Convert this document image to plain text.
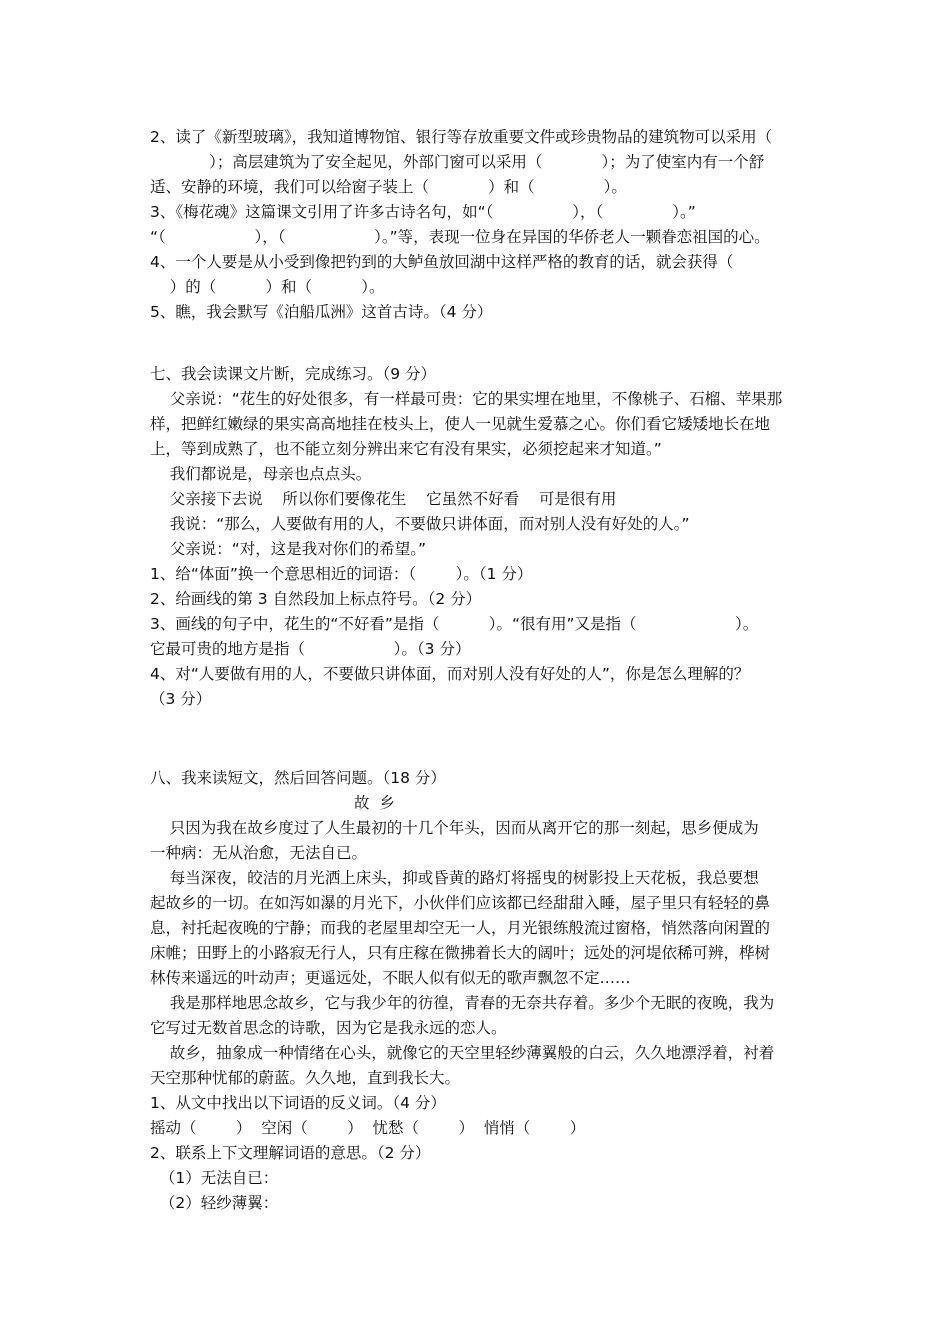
2、读了《新型玻璃》，我知道博物馆、银行等存放重要文件或珍贵物品的建筑物可以采用（
）；高层建筑为了安全起见，外部门窗可以采用（            ）；为了使室内有一个舒
适、安静的环境，我们可以给窗子装上（            ）和（              ）。
3、《梅花魂》这篇课文引用了许多古诗名句，如“（                ），（              ）。”
“（                  ），（                  ）。”等，表现一位身在异国的华侨老人一颗眷恋祖国的心。
4、一个人要是从小受到像把钓到的大鲈鱼放回湖中这样严格的教育的话，就会获得（
）的（          ）和（          ）。
5、瞧，我会默写《泊船瓜洲》这首古诗。（4 分）
七、我会读课文片断，完成练习。（9 分）
父亲说：“花生的好处很多，有一样最可贵：它的果实埋在地里，不像桃子、石榴、苹果那
样，把鲜红嫩绿的果实高高地挂在枝头上，使人一见就生爱慕之心。你们看它矮矮地长在地
上，等到成熟了，也不能立刻分辨出来它有没有果实，必须挖起来才知道。”
我们都说是，母亲也点点头。
父亲接下去说    所以你们要像花生    它虽然不好看    可是很有用
我说：“那么，人要做有用的人，不要做只讲体面，而对别人没有好处的人。”
父亲说：“对，这是我对你们的希望。”
1、给“体面”换一个意思相近的词语：（        ）。（1 分）
2、给画线的第 3 自然段加上标点符号。（2 分）
3、画线的句子中，花生的“不好看”是指（          ）。“很有用”又是指（                    ）。
它最可贵的地方是指（                  ）。（3 分）
4、对“人要做有用的人，不要做只讲体面，而对别人没有好处的人”，你是怎么理解的？
（3 分）
八、我来读短文，然后回答问题。（18 分）
故  乡
只因为我在故乡度过了人生最初的十几个年头，因而从离开它的那一刻起，思乡便成为
一种病：无从治愈，无法自已。
每当深夜，皎洁的月光洒上床头，抑或昏黄的路灯将摇曳的树影投上天花板，我总要想
起故乡的一切。在如泻如瀑的月光下，小伙伴们应该都已经甜甜入睡，屋子里只有轻轻的鼻
息，衬托起夜晚的宁静；而我的老屋里却空无一人，月光银练般流过窗格，悄然落向闲置的
床帷；田野上的小路寂无行人，只有庄稼在微拂着长大的阔叶；远处的河堤依稀可辨，桦树
林传来遥远的叶动声；更遥远处，不眠人似有似无的歌声飘忽不定……
我是那样地思念故乡，它与我少年的彷徨，青春的无奈共存着。多少个无眠的夜晚，我为
它写过无数首思念的诗歌，因为它是我永远的恋人。
故乡，抽象成一种情绪在心头，就像它的天空里轻纱薄翼般的白云，久久地漂浮着，衬着
天空那种忧郁的蔚蓝。久久地，直到我长大。
1、从文中找出以下词语的反义词。（4 分）
摇动（        ）  空闲（        ）  忧愁（        ）  悄悄（        ）
2、联系上下文理解词语的意思。（2 分）
（1）无法自已：
（2）轻纱薄翼：
